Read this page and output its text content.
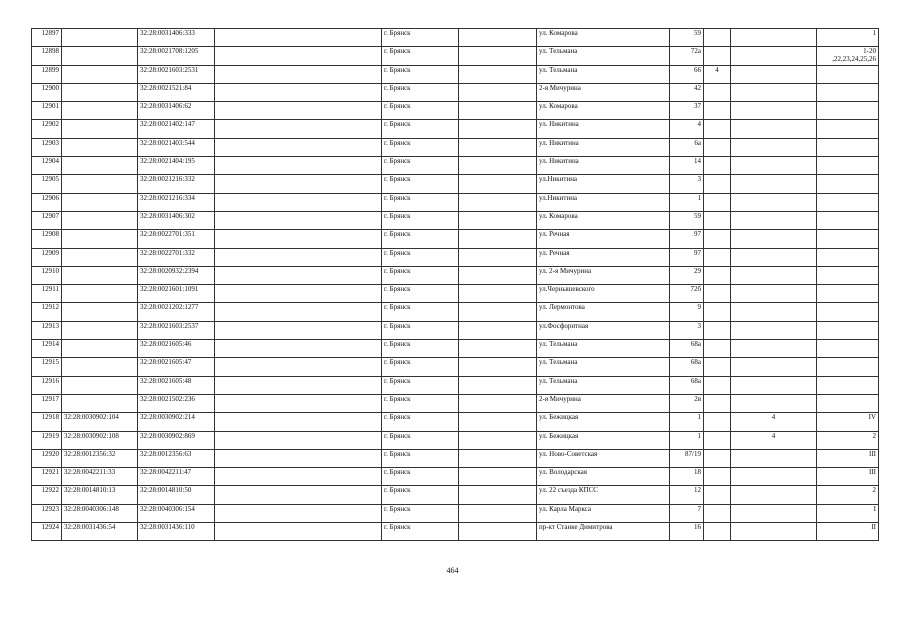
12897		32:28:0031406:333		г. Брянск		ул. Комарова	59			1
12898		32:28:0021708:1205		г. Брянск		ул. Тельмана	72а			1-20 ,22,23,24,25,26
12899		32:28:0021603:2531		г. Брянск		ул. Тельмана	66	4		
12900		32:28:0021521:84		г. Брянск		2-я Мичурина	42			
12901		32:28:0031406:62		г. Брянск		ул. Комарова	37			
12902		32:28:0021402:147		г. Брянск		ул. Никитина	4			
12903		32:28:0021403:544		г. Брянск		ул. Никитина	6а			
12904		32:28:0021404:195		г. Брянск		ул. Никитина	14			
12905		32:28:0021216:332		г. Брянск		ул.Никитина	3			
12906		32:28:0021216:334		г. Брянск		ул.Никитина	1			
12907		32:28:0031406:302		г. Брянск		ул. Комарова	59			
12908		32:28:0022701:351		г. Брянск		ул. Речная	97			
12909		32:28:0022701:332		г. Брянск		ул. Речная	97			
12910		32:28:0020932:2394		г. Брянск		ул. 2-я Мичурина	29			
12911		32:28:0021601:1091		г. Брянск		ул.Чернышевского	72б			
12912		32:28:0021202:1277		г. Брянск		ул. Лермонтова	9			
12913		32:28:0021603:2537		г. Брянск		ул.Фосфоритная	3			
12914		32:28:0021605:46		г. Брянск		ул. Тельмана	68а			
12915		32:28:0021605:47		г. Брянск		ул. Тельмана	68а			
12916		32:28:0021605:48		г. Брянск		ул. Тельмана	68а			
12917		32:28:0021502:236		г. Брянск		2-я Мичурина	2в			
12918	32:28:0030902:104	32:28:0030902:214		г. Брянск		ул. Бежицкая	1		4	IV
12919	32:28:0030902:108	32:28:0030902:869		г. Брянск		ул. Бежицкая	1		4	2
12920	32:28:0012356:32	32:28:0012356:63		г. Брянск		ул. Ново-Советская	87/19			III
12921	32:28:0042211:33	32:28:0042211:47		г. Брянск		ул. Володарская	18			III
12922	32:28:0014810:13	32:28:0014810:50		г. Брянск		ул. 22 съезда КПСС	12			2
12923	32:28:0040306:148	32:28:0040306:154		г. Брянск		ул. Карла Маркса	7			I
12924	32:28:0031436:54	32:28:0031436:110		г. Брянск		пр-кт Станке Димитрова	16			II
464
